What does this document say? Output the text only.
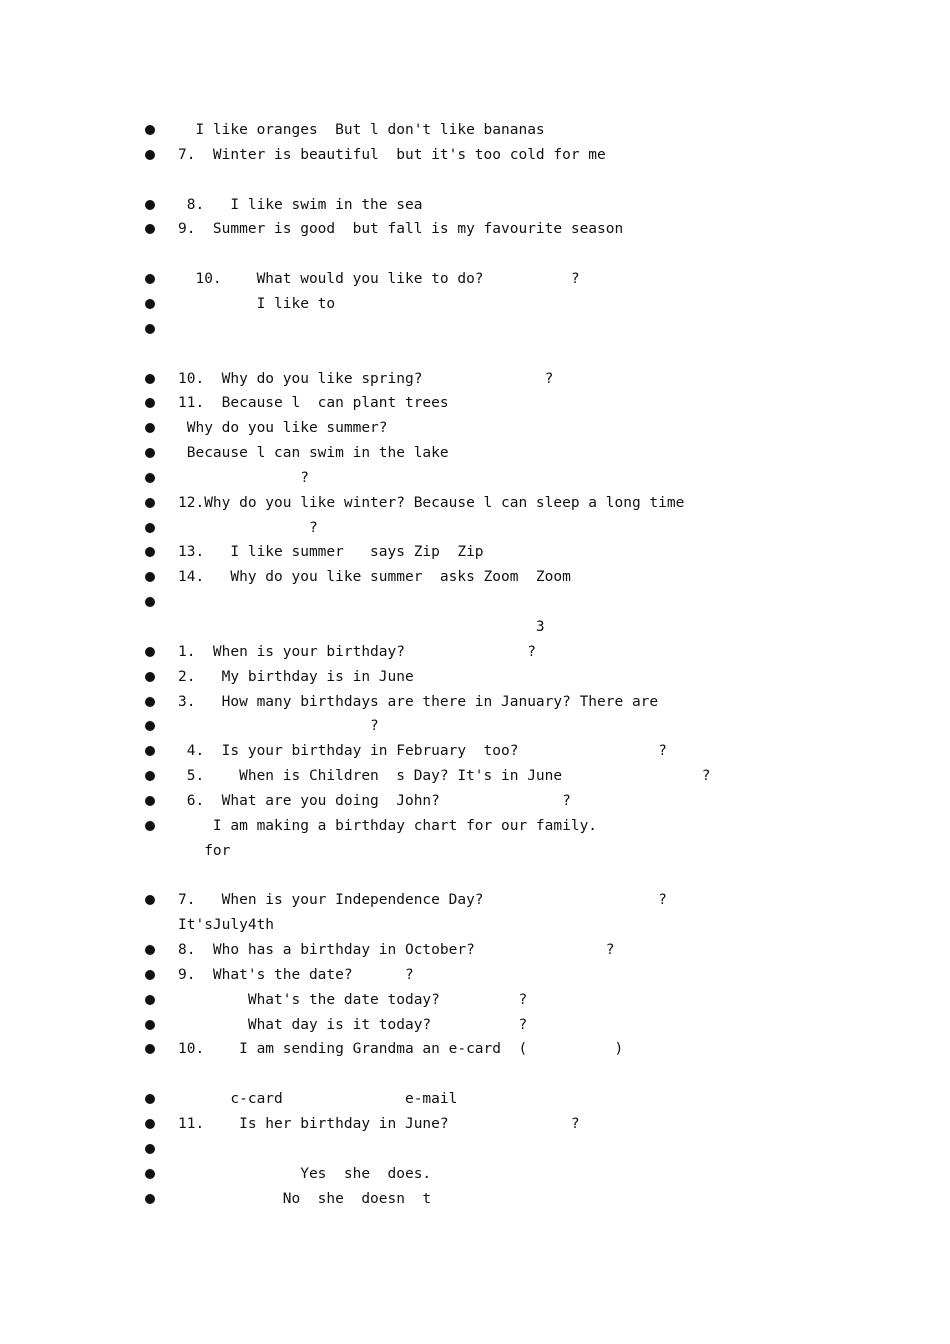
I like oranges  But l don't like bananas
7.  Winter is beautiful  but it's too cold for me

8.   I like swim in the sea
9.  Summer is good  but fall is my favourite season

10.    What would you like to do?          ?
I like to
10.  Why do you like spring?              ?
11.  Because l  can plant trees
Why do you like summer?
Because l can swim in the lake
?
12.Why do you like winter? Because l can sleep a long time
?
13.   I like summer   says Zip  Zip
14.   Why do you like summer  asks Zoom  Zoom
3
1.  When is your birthday?              ?
2.   My birthday is in June
3.   How many birthdays are there in January? There are
?
4.  Is your birthday in February  too?                ?
5.    When is Children  s Day? It's in June                ?
6.  What are you doing  John?              ?
I am making a birthday chart for our family.
for
7.   When is your Independence Day?                    ?
It'sJuly4th
8.  Who has a birthday in October?               ?
9.  What's the date?      ?
What's the date today?         ?
What day is it today?          ?
10.    I am sending Grandma an e-card  (          )

c-card              e-mail
11.    Is her birthday in June?              ?

Yes  she  does.
No  she  doesn  t
